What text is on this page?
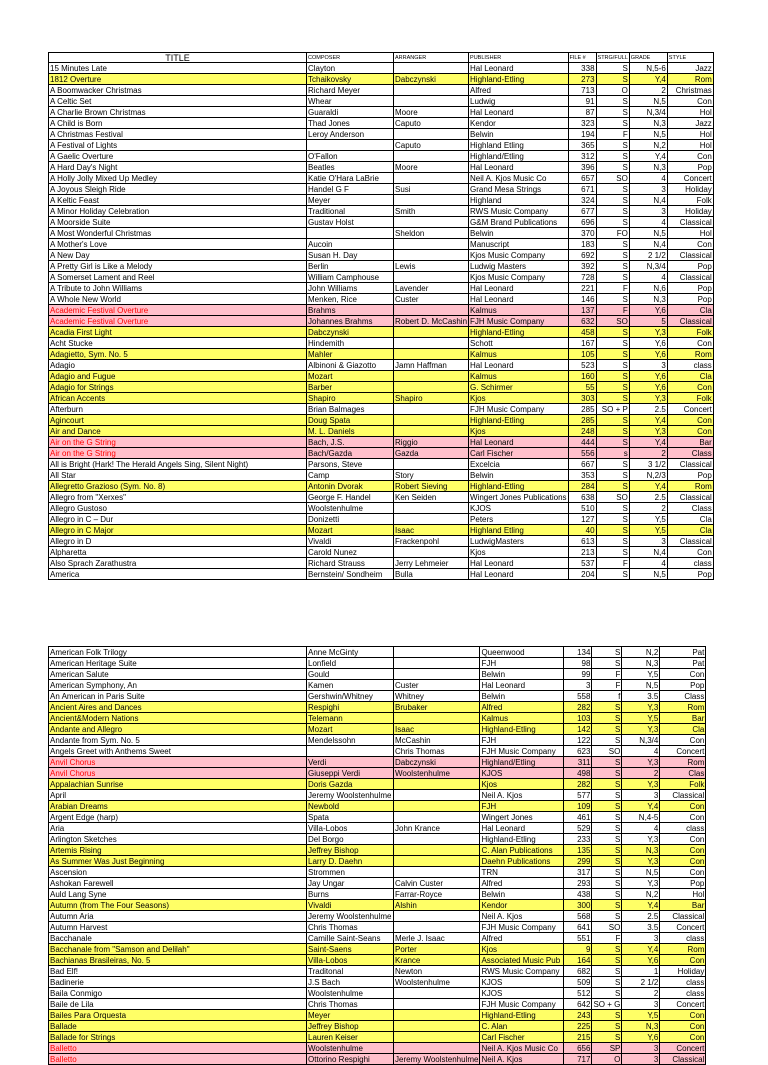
TITLE	COMPOSER	ARRANGER	PUBLISHER	FILE #	STRG/FULL	GRADE	STYLE
15 Minutes Late	Clayton		Hal Leonard	338	S	N,5-6	Jazz
1812 Overture	Tchaikovsky	Dabczynski	Highland-Etling	273	S	Y,4	Rom
A Boomwacker Christmas	Richard Meyer		Alfred	713	O	2	Christmas
A Celtic Set	Whear		Ludwig	91	S	N,5	Con
A Charlie Brown Christmas	Guaraldi	Moore	Hal Leonard	87	S	N,3/4	Hol
A Child is Born	Thad Jones	Caputo	Kendor	323	S	N,3	Jazz
A Christmas Festival	Leroy Anderson		Belwin	194	F	N,5	Hol
A Festival of Lights		Caputo	Highland Etling	365	S	N,2	Hol
A Gaelic Overture	O'Fallon		Highland/Etling	312	S	Y,4	Con
A Hard Day's Night	Beatles	Moore	Hal Leonard	396	S	N,3	Pop
A Holly Jolly Mixed Up Medley	Katie O'Hara LaBrie		Neil A. Kjos Music Co	657	SO	4	Concert
A Joyous Sleigh Ride	Handel G F	Susi	Grand Mesa Strings	671	S	3	Holiday
A Keltic Feast	Meyer		Highland	324	S	N,4	Folk
A Minor Holiday Celebration	Traditional	Smith	RWS Music Company	677	S	3	Holiday
A Moorside Suite	Gustav Holst		G&M Brand Publications	696	S	4	Classical
A Most Wonderful Christmas		Sheldon	Belwin	370	FO	N,5	Hol
A Mother's Love	Aucoin		Manuscript	183	S	N,4	Con
A New Day	Susan H. Day		Kjos Music Company	692	S	2 1/2	Classical
A Pretty Girl is Like a Melody	Berlin	Lewis	Ludwig Masters	392	S	N,3/4	Pop
A Somerset Lament and Reel	William Camphouse		Kjos Music Company	728	S	4	Classical
A Tribute to John Williams	John Williams	Lavender	Hal Leonard	221	F	N,6	Pop
A Whole New World	Menken, Rice	Custer	Hal Leonard	146	S	N,3	Pop
Academic Festival Overture	Brahms		Kalmus	137	F	Y,6	Cla
Academic Festival Overture	Johannes Brahms	Robert D. McCashin	FJH Music Company	632	SO	5	Classical
Acadia First Light	Dabczynski		Highland-Etling	458	S	Y,3	Folk
Acht Stucke	Hindemith		Schott	167	S	Y,6	Con
Adagietto, Sym. No. 5	Mahler		Kalmus	105	S	Y,6	Rom
Adagio	Albinoni & Giazotto	Jamn Haffman	Hal Leonard	523	S	3	class
Adagio and Fugue	Mozart		Kalmus	160	S	Y,6	Cla
Adagio for Strings	Barber		G. Schirmer	55	S	Y,6	Con
African Accents	Shapiro	Shapiro	Kjos	303	S	Y,3	Folk
Afterburn	Brian Balmages		FJH Music Company	285	SO + P	2.5	Concert
Agincourt	Doug Spata		Highland-Etling	285	S	Y,4	Con
Air and Dance	M. L. Daniels		Kjos	248	S	Y,3	Con
Air on the G String	Bach, J.S.	Riggio	Hal Leonard	444	S	Y,4	Bar
Air on the G String	Bach/Gazda	Gazda	Carl Fischer	556	s	2	Class
All is Bright (Hark! The Herald Angels Sing, Silent Night)	Parsons, Steve		Excelcia	667	S	3 1/2	Classical
All Star	Camp	Story	Belwin	353	S	N,2/3	Pop
Allegretto Grazioso (Sym. No. 8)	Antonin Dvorak	Robert Sieving	Highland-Etling	284	S	Y,4	Rom
Allegro from "Xerxes"	George F. Handel	Ken Seiden	Wingert Jones Publications	638	SO	2.5	Classical
Allegro Gustoso	Woolstenhulme		KJOS	510	S	2	Class
Allegro in C – Dur	Donizetti		Peters	127	S	Y,5	Cla
Allegro in C Major	Mozart	Isaac	Highland Etling	40	S	Y,5	Cla
Allegro in D	Vivaldi	Frackenpohl	LudwigMasters	613	S	3	Classical
Alpharetta	Carold Nunez		Kjos	213	S	N,4	Con
Also Sprach Zarathustra	Richard Strauss	Jerry Lehmeier	Hal Leonard	537	F	4	class
America	Bernstein/ Sondheim	Bulla	Hal Leonard	204	S	N,5	Pop
American Folk Trilogy	Anne McGinty		Queenwood	134	S	N,2	Pat
American Heritage Suite	Lonfield		FJH	98	S	N,3	Pat
American Salute	Gould		Belwin	99	F	Y,5	Con
American Symphony, An	Kamen	Custer	Hal Leonard	3	F	N,5	Pop
An American in Paris Suite	Gershwin/Whitney	Whitney	Belwin	558	f	3.5	Class
Ancient Aires and Dances	Respighi	Brubaker	Alfred	282	S	Y,3	Rom
Ancient&Modern Nations	Telemann		Kalmus	103	S	Y,5	Bar
Andante and Allegro	Mozart	Isaac	Highland-Etling	142	S	Y,3	Cla
Andante from Sym. No. 5	Mendelssohn	McCashin	FJH	122	S	N,3/4	Con
Angels Greet with Anthems Sweet		Chris Thomas	FJH Music Company	623	SO	4	Concert
Anvil Chorus	Verdi	Dabczynski	Highland/Etling	311	S	Y,3	Rom
Anvil Chorus	Giuseppi Verdi	Woolstenhulme	KJOS	498	S	2	Clas
Appalachian Sunrise	Doris Gazda		Kjos	282	S	Y,3	Folk
April	Jeremy Woolstenhulme		Neil A. Kjos	577	S	3	Classical
Arabian Dreams	Newbold		FJH	109	S	Y,4	Con
Argent Edge (harp)	Spata		Wingert Jones	461	S	N,4-5	Con
Aria	Villa-Lobos	John Krance	Hal Leonard	529	S	4	class
Arlington Sketches	Del Borgo		Highland-Etling	233	S	Y,3	Con
Artemis Rising	Jeffrey Bishop		C. Alan Publications	135	S	N,3	Con
As Summer Was Just Beginning	Larry D. Daehn		Daehn Publications	299	S	Y,3	Con
Ascension	Strommen		TRN	317	S	N,5	Con
Ashokan Farewell	Jay Ungar	Calvin Custer	Alfred	293	S	Y,3	Pop
Auld Lang Syne	Burns	Farrar-Royce	Belwin	438	S	N,2	Hol
Autumn (from The Four Seasons)	Vivaldi	Alshin	Kendor	300	S	Y,4	Bar
Autumn Aria	Jeremy Woolstenhulme		Neil A. Kjos	568	S	2.5	Classical
Autumn Harvest	Chris Thomas		FJH Music Company	641	SO	3.5	Concert
Bacchanale	Camille Saint-Seans	Merle J. Isaac	Alfred	551	F	3	class
Bacchanale from "Samson and Delilah"	Saint-Saens	Porter	Kjos	9	S	Y,4	Rom
Bachianas Brasileiras, No. 5	Villa-Lobos	Krance	Associated Music Pub	164	S	Y,6	Con
Bad Elf!	Traditonal	Newton	RWS Music Company	682	S	1	Holiday
Badinerie	J.S Bach	Woolstenhulme	KJOS	509	S	2 1/2	class
Baila Conmigo	Woolstenhulme		KJOS	512	S	2	class
Baile de Lila	Chris Thomas		FJH Music Company	642	SO + G	3	Concert
Bailes Para Orquesta	Meyer		Highland-Etling	243	S	Y,5	Con
Ballade	Jeffrey Bishop		C. Alan	225	S	N,3	Con
Ballade for Strings	Lauren Keiser		Carl Fischer	215	S	Y,6	Con
Balletto	Woolstenhulme		Neil A. Kjos Music Co	656	SP	3	Concert
Balletto	Ottorino Respighi	Jeremy Woolstenhulme	Neil A. Kjos	717	O	3	Classical
